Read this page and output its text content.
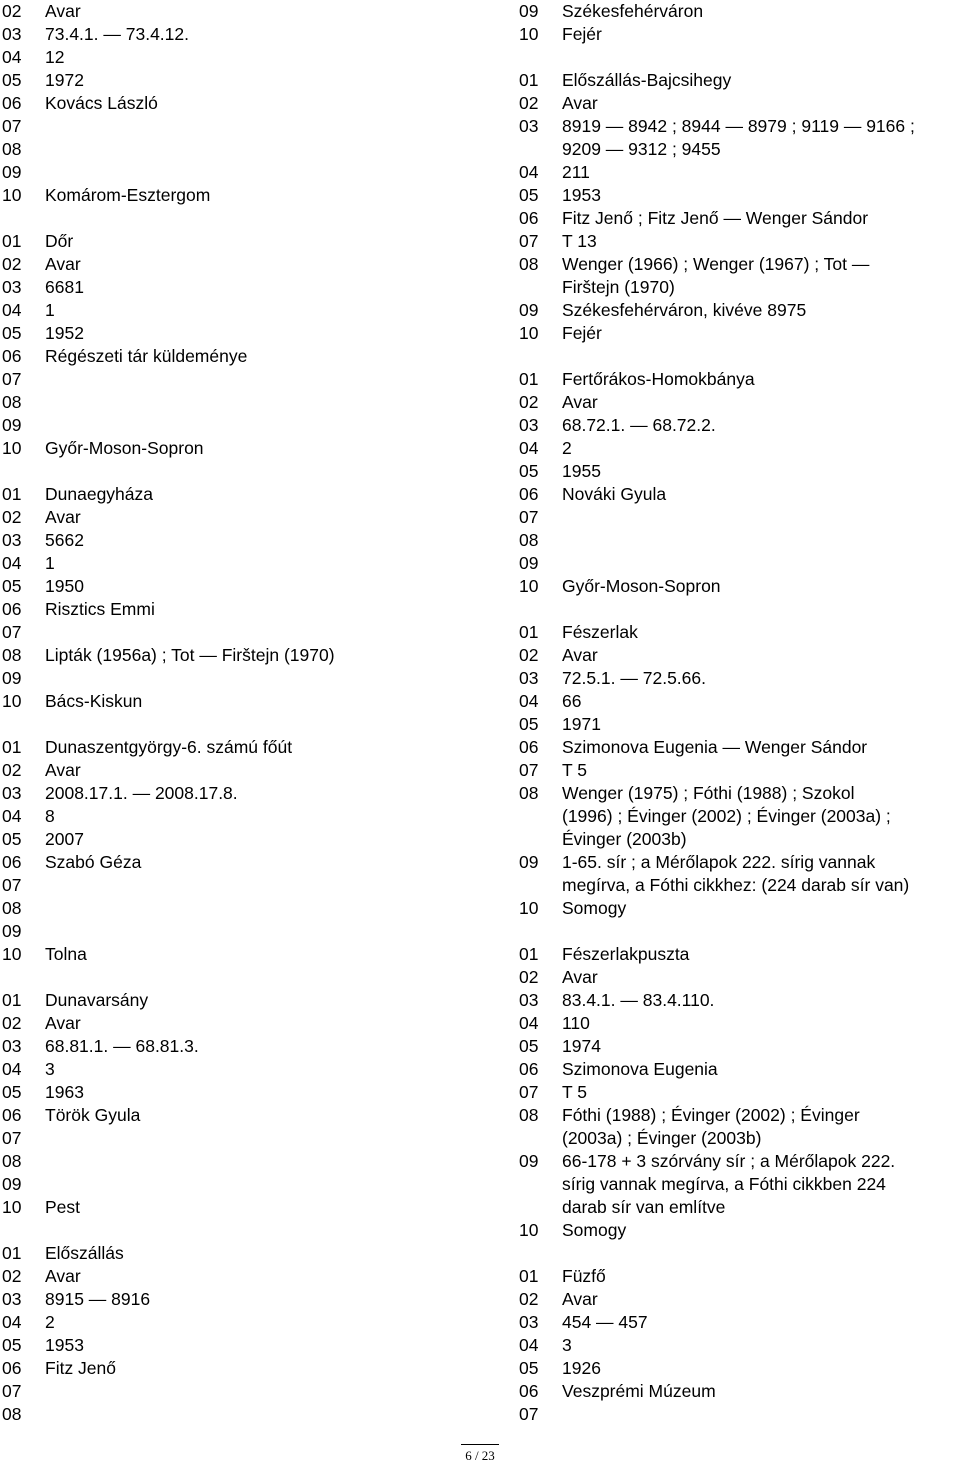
02	Avar
03	73.4.1. — 73.4.12.
04	12
05	1972
06	Kovács László
07
08
09
10	Komárom-Esztergom
01	Dőr
02	Avar
03	6681
04	1
05	1952
06	Régészeti tár küldeménye
07
08
09
10	Győr-Moson-Sopron
01	Dunaegyháza
02	Avar
03	5662
04	1
05	1950
06	Risztics Emmi
07
08	Lipták (1956a) ; Tot — Firštejn (1970)
09
10	Bács-Kiskun
01	Dunaszentgyörgy-6. számú főút
02	Avar
03	2008.17.1. — 2008.17.8.
04	8
05	2007
06	Szabó Géza
07
08
09
10	Tolna
01	Dunavarsány
02	Avar
03	68.81.1. — 68.81.3.
04	3
05	1963
06	Török Gyula
07
08
09
10	Pest
01	Előszállás
02	Avar
03	8915 — 8916
04	2
05	1953
06	Fitz Jenő
07
08
09	Székesfehérváron
10	Fejér
01	Előszállás-Bajcsihegy
02	Avar
03	8919 — 8942 ; 8944 — 8979 ; 9119 — 9166 ;
9209 — 9312 ; 9455
04	211
05	1953
06	Fitz Jenő ; Fitz Jenő — Wenger Sándor
07	T 13
08	Wenger (1966) ; Wenger (1967) ; Tot —
Firštejn (1970)
09	Székesfehérváron, kivéve 8975
10	Fejér
01	Fertőrákos-Homokbánya
02	Avar
03	68.72.1. — 68.72.2.
04	2
05	1955
06	Nováki Gyula
07
08
09
10	Győr-Moson-Sopron
01	Fészerlak
02	Avar
03	72.5.1. — 72.5.66.
04	66
05	1971
06	Szimonova Eugenia — Wenger Sándor
07	T 5
08	Wenger (1975) ; Fóthi (1988) ; Szokol
(1996) ; Évinger (2002) ; Évinger (2003a) ;
Évinger (2003b)
09	1-65. sír ; a Mérőlapok 222. sírig vannak
megírva, a Fóthi cikkhez: (224 darab sír van)
10	Somogy
01	Fészerlakpuszta
02	Avar
03	83.4.1. — 83.4.110.
04	110
05	1974
06	Szimonova Eugenia
07	T 5
08	Fóthi (1988) ; Évinger (2002) ; Évinger
(2003a) ; Évinger (2003b)
09	66-178 + 3 szórvány sír ; a Mérőlapok 222.
sírig vannak megírva, a Fóthi cikkben 224
darab sír van említve
10	Somogy
01	Füzfő
02	Avar
03	454 — 457
04	3
05	1926
06	Veszprémi Múzeum
07
6 / 23
